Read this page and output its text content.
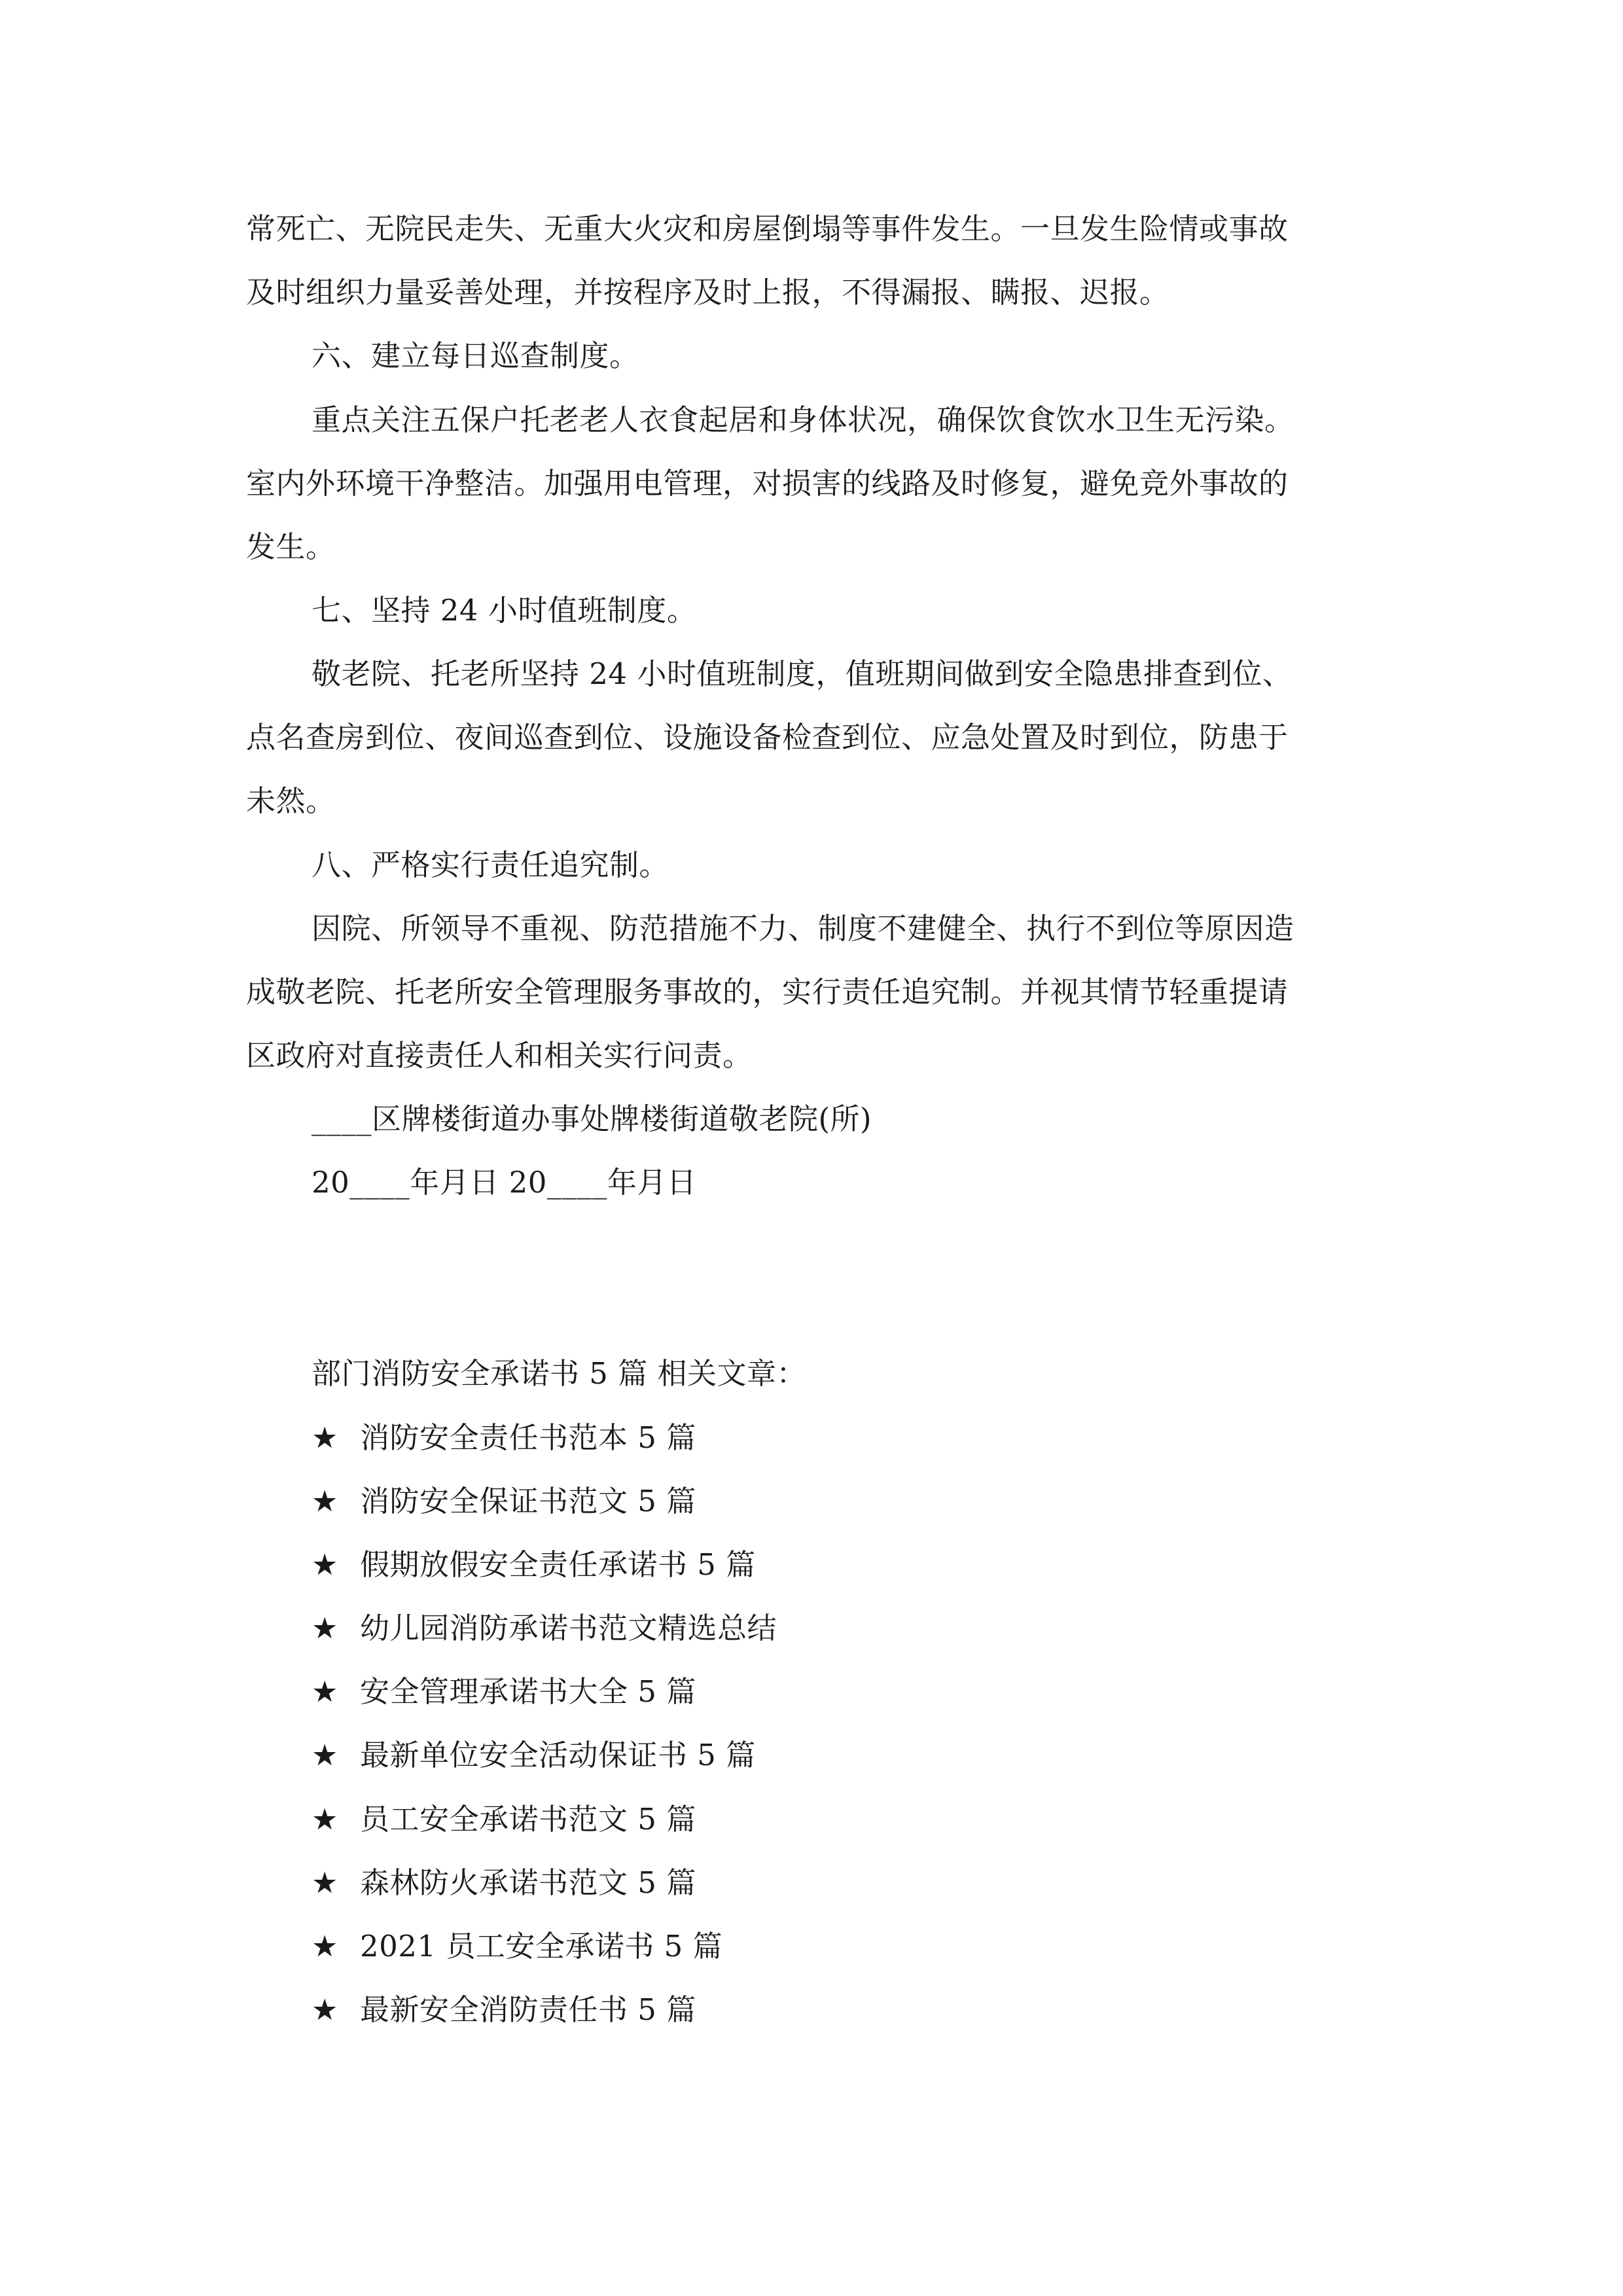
常死亡、无院民走失、无重大火灾和房屋倒塌等事件发生。一旦发生险情或事故
及时组织力量妥善处理，并按程序及时上报，不得漏报、瞒报、迟报。
六、建立每日巡查制度。
重点关注五保户托老老人衣食起居和身体状况，确保饮食饮水卫生无污染。
室内外环境干净整洁。加强用电管理，对损害的线路及时修复，避免竞外事故的
发生。
七、坚持 24 小时值班制度。
敬老院、托老所坚持 24 小时值班制度，值班期间做到安全隐患排查到位、
点名查房到位、夜间巡查到位、设施设备检查到位、应急处置及时到位，防患于
未然。
八、严格实行责任追究制。
因院、所领导不重视、防范措施不力、制度不建健全、执行不到位等原因造
成敬老院、托老所安全管理服务事故的，实行责任追究制。并视其情节轻重提请
区政府对直接责任人和相关实行问责。
____区牌楼街道办事处牌楼街道敬老院(所)
20____年月日 20____年月日
部门消防安全承诺书 5 篇 相关文章：
★ 消防安全责任书范本 5 篇
★ 消防安全保证书范文 5 篇
★ 假期放假安全责任承诺书 5 篇
★ 幼儿园消防承诺书范文精选总结
★ 安全管理承诺书大全 5 篇
★ 最新单位安全活动保证书 5 篇
★ 员工安全承诺书范文 5 篇
★ 森林防火承诺书范文 5 篇
★ 2021 员工安全承诺书 5 篇
★ 最新安全消防责任书 5 篇
